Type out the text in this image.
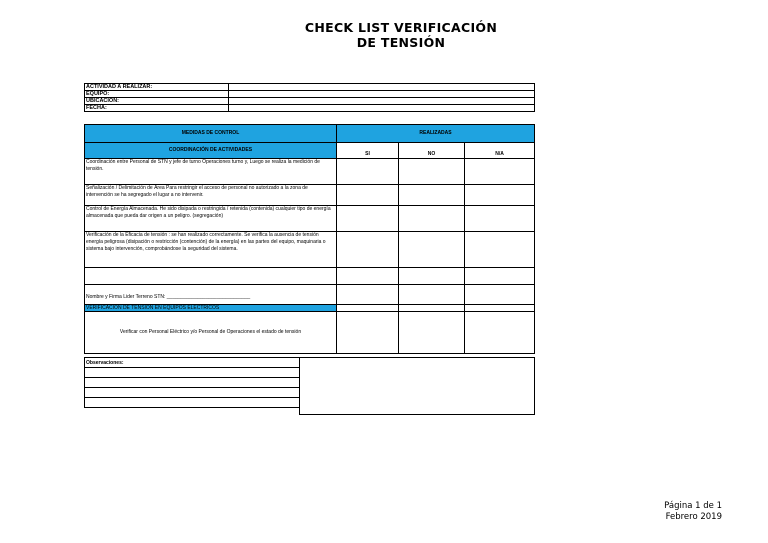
CHECK LIST VERIFICACIÓN
DE TENSIÓN
ACTIVIDAD A REALIZAR:	
EQUIPO:	
UBICACIÓN:	
FECHA:	
MEDIDAS DE CONTROL	REALIZADAS		
COORDINACIÓN DE ACTIVIDADES	SI	NO	N/A
Coordinación entre Personal de STN y jefe de turno Operaciones turno y, Luego se realiza la medición de tensión.			
Señalización / Delimitación de Área Para restringir el acceso de personal no autorizado a la zona de intervención se ha segregado el lugar a no intervenir.			
Control de Energía Almacenada. He sido disipada o restringida / retenida (contenida) cualquier tipo de energía almacenada que pueda dar origen a un peligro. (segregación)			
Verificación de la Eficacia de tensión : se han realizado correctamente. Se verifica la ausencia de tensión energía peligrosa (disipación o restricción (contención) de la energía) en las partes del equipo, maquinaria o sistema bajo intervención, comprobándose la seguridad del sistema.			

Nombre y Firma Lider Terreno STN: ______________________________			
VERIFICACIÓN DE TENSIÓN EN EQUIPOS ELÉCTRICOS			
Verificar con Personal Eléctrico y/o Personal de Operaciones el estado de tensión			
Observaciones:	

Página 1 de 1
Febrero 2019
